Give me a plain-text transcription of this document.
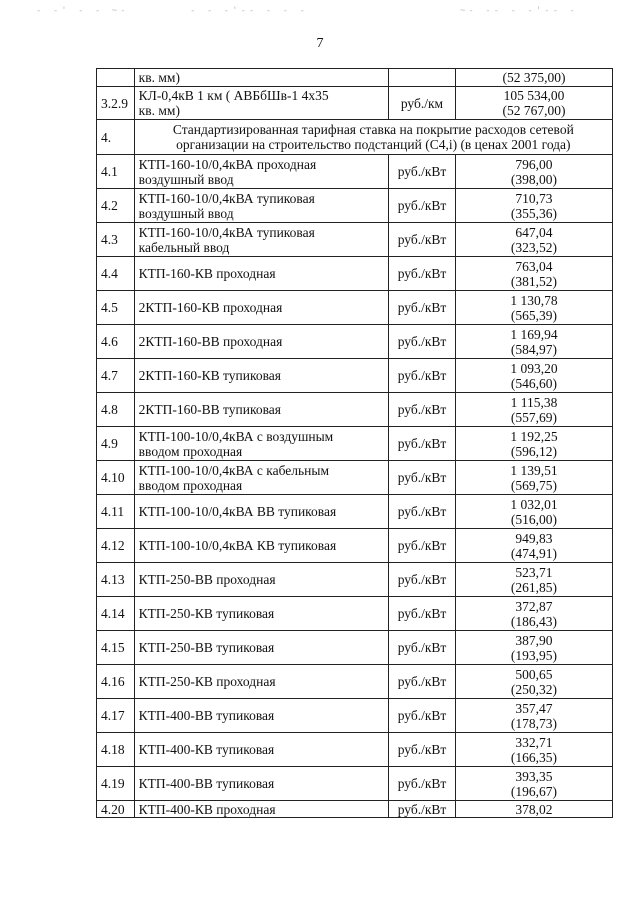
- -' - - ~-	- - -'-- - - -	~- -- - -'-- -
7
	кв. мм)		(52 375,00)
3.2.9	КЛ-0,4кВ 1 км ( АВБбШв-1 4х35
кв. мм)	руб./км	105 534,00
(52 767,00)

4.	Стандартизированная тарифная ставка на покрытие расходов сетевой
организации на строительство подстанций (С4,i) (в ценах 2001 года)		

4.1	КТП-160-10/0,4кВА проходная
воздушный ввод	руб./кВт	796,00
(398,00)

4.2	КТП-160-10/0,4кВА тупиковая
воздушный ввод	руб./кВт	710,73
(355,36)

4.3	КТП-160-10/0,4кВА тупиковая
кабельный ввод	руб./кВт	647,04
(323,52)

4.4	КТП-160-КВ проходная	руб./кВт	763,04
(381,52)

4.5	2КТП-160-КВ проходная	руб./кВт	1 130,78
(565,39)

4.6	2КТП-160-ВВ проходная	руб./кВт	1 169,94
(584,97)

4.7	2КТП-160-КВ тупиковая	руб./кВт	1 093,20
(546,60)

4.8	2КТП-160-ВВ тупиковая	руб./кВт	1 115,38
(557,69)

4.9	КТП-100-10/0,4кВА с воздушным
вводом проходная	руб./кВт	1 192,25
(596,12)

4.10	КТП-100-10/0,4кВА с кабельным
вводом проходная	руб./кВт	1 139,51
(569,75)

4.11	КТП-100-10/0,4кВА ВВ тупиковая	руб./кВт	1 032,01
(516,00)

4.12	КТП-100-10/0,4кВА КВ тупиковая	руб./кВт	949,83
(474,91)

4.13	КТП-250-ВВ проходная	руб./кВт	523,71
(261,85)

4.14	КТП-250-КВ тупиковая	руб./кВт	372,87
(186,43)

4.15	КТП-250-ВВ тупиковая	руб./кВт	387,90
(193,95)

4.16	КТП-250-КВ проходная	руб./кВт	500,65
(250,32)

4.17	КТП-400-ВВ тупиковая	руб./кВт	357,47
(178,73)

4.18	КТП-400-КВ тупиковая	руб./кВт	332,71
(166,35)

4.19	КТП-400-ВВ тупиковая	руб./кВт	393,35
(196,67)

4.20	КТП-400-КВ проходная	руб./кВт	378,02
